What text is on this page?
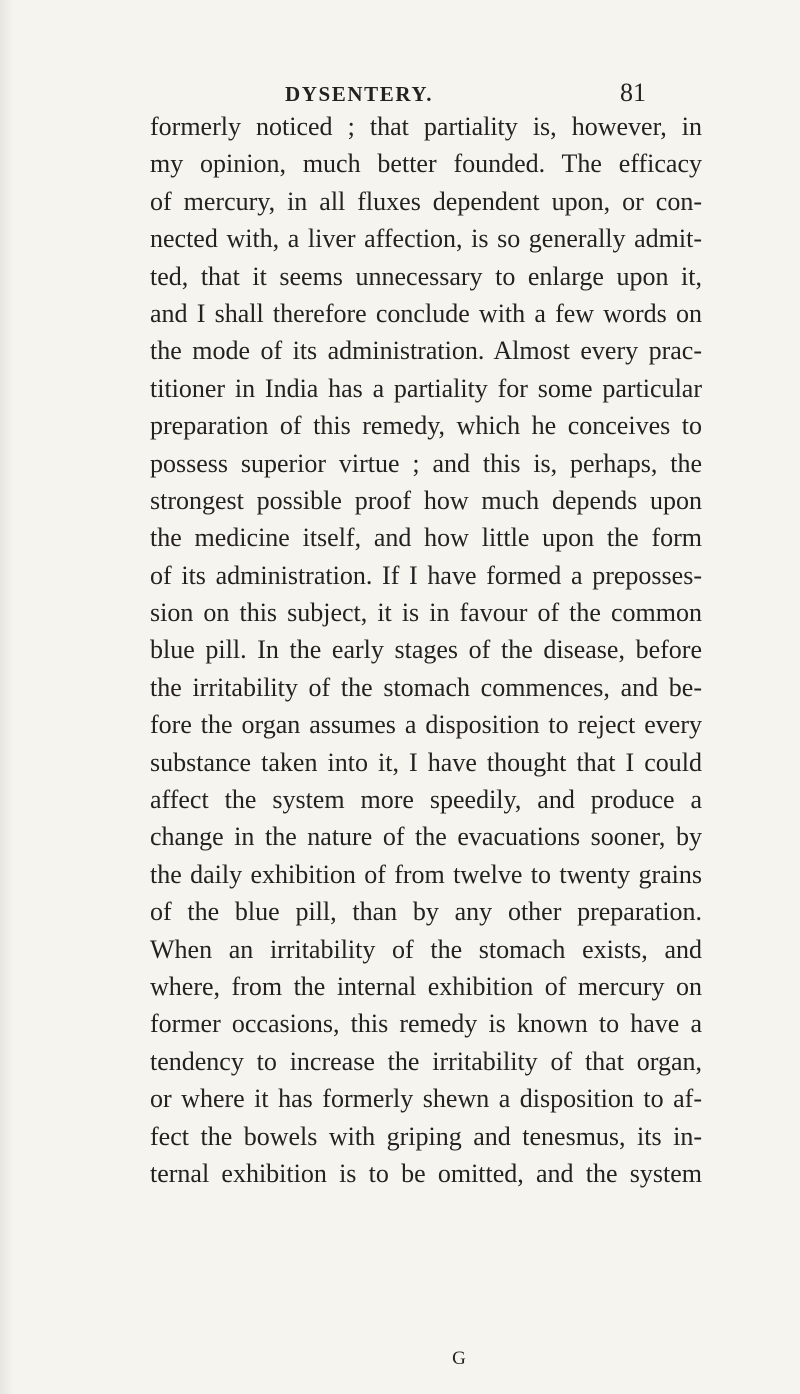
DYSENTERY.	81
formerly noticed ; that partiality is, however, in
my opinion, much better founded. The efficacy
of mercury, in all fluxes dependent upon, or con-
nected with, a liver affection, is so generally admit-
ted, that it seems unnecessary to enlarge upon it,
and I shall therefore conclude with a few words on
the mode of its administration. Almost every prac-
titioner in India has a partiality for some particular
preparation of this remedy, which he conceives to
possess superior virtue ; and this is, perhaps, the
strongest possible proof how much depends upon
the medicine itself, and how little upon the form
of its administration. If I have formed a preposses-
sion on this subject, it is in favour of the common
blue pill. In the early stages of the disease, before
the irritability of the stomach commences, and be-
fore the organ assumes a disposition to reject every
substance taken into it, I have thought that I could
affect the system more speedily, and produce a
change in the nature of the evacuations sooner, by
the daily exhibition of from twelve to twenty grains
of the blue pill, than by any other preparation.
When an irritability of the stomach exists, and
where, from the internal exhibition of mercury on
former occasions, this remedy is known to have a
tendency to increase the irritability of that organ,
or where it has formerly shewn a disposition to af-
fect the bowels with griping and tenesmus, its in-
ternal exhibition is to be omitted, and the system
G
